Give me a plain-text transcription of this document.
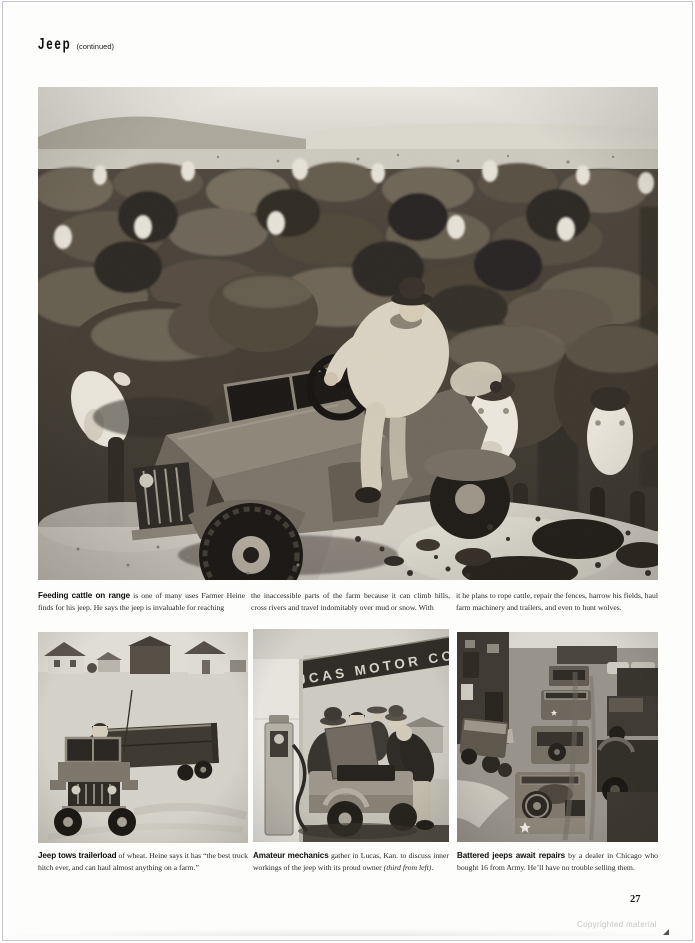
Jeep (continued)

Feeding cattle on range is one of many uses Farmer Heine finds for his jeep. He says the jeep is invaluable for reaching

the inaccessible parts of the farm because it can climb hills, cross rivers and travel indomitably over mud or snow. With

it he plans to rope cattle, repair the fences, harrow his fields, haul farm machinery and trailers, and even to hunt wolves.

Jeep tows trailerload of wheat. Heine says it has “the best truck hitch ever, and can haul almost anything on a farm.”

Amateur mechanics gather in Lucas, Kan. to discuss inner workings of the jeep with its proud owner (third from left).

Battered jeeps await repairs by a dealer in Chicago who bought 16 from Army. He’ll have no trouble selling them.

27
Copyrighted material
